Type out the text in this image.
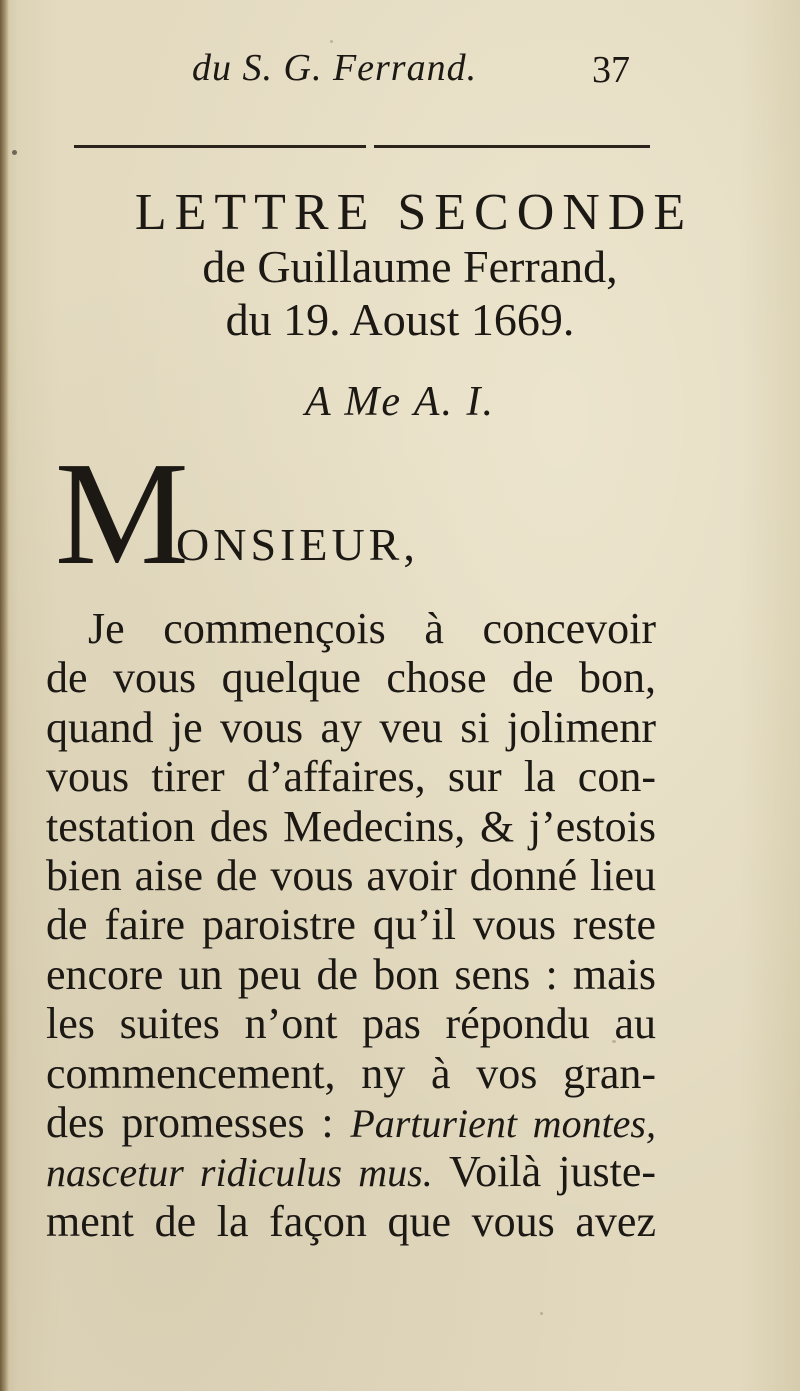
du S. G. Ferrand.	37
LETTRE SECONDE
de Guillaume Ferrand,
du 19. Aoust 1669.
A Me A. I.
M
ONSIEUR,
Je commençois à concevoir
de vous quelque chose de bon,
quand je vous ay veu si jolimenr
vous tirer d’affaires, sur la con-
testation des Medecins, & j’estois
bien aise de vous avoir donné lieu
de faire paroistre qu’il vous reste
encore un peu de bon sens : mais
les suites n’ont pas répondu au
commencement, ny à vos gran-
des promesses : Parturient montes,
nascetur ridiculus mus. Voilà juste-
ment de la façon que vous avez
